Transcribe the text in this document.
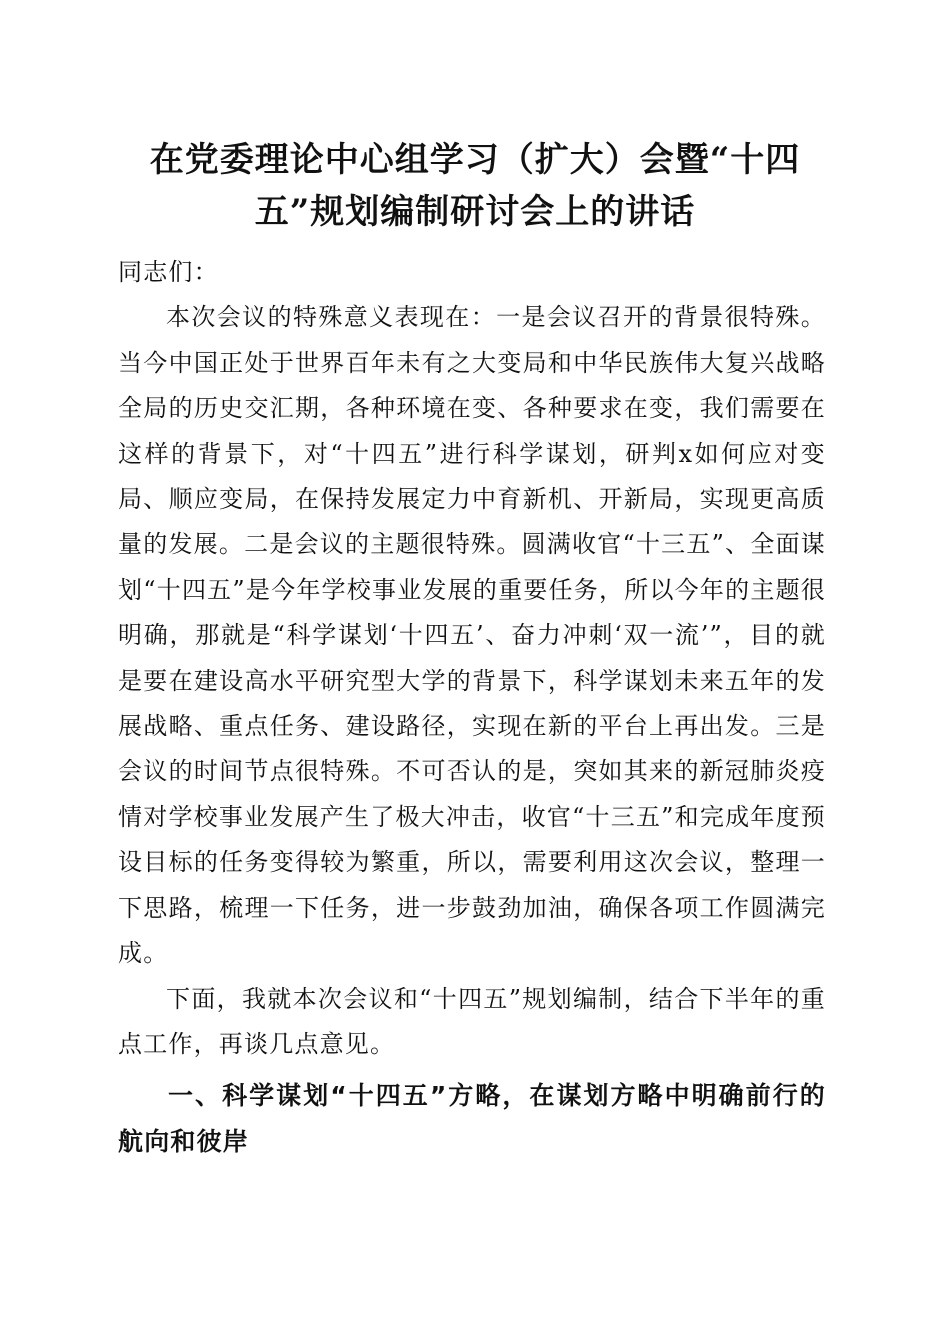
在党委理论中心组学习（扩大）会暨“十四
五”规划编制研讨会上的讲话

同志们：

本次会议的特殊意义表现在：一是会议召开的背景很特殊。当今中国正处于世界百年未有之大变局和中华民族伟大复兴战略全局的历史交汇期，各种环境在变、各种要求在变，我们需要在这样的背景下，对“十四五”进行科学谋划，研判x如何应对变局、顺应变局，在保持发展定力中育新机、开新局，实现更高质量的发展。二是会议的主题很特殊。圆满收官“十三五”、全面谋划“十四五”是今年学校事业发展的重要任务，所以今年的主题很明确，那就是“科学谋划‘十四五’、奋力冲刺‘双一流’”，目的就是要在建设高水平研究型大学的背景下，科学谋划未来五年的发展战略、重点任务、建设路径，实现在新的平台上再出发。三是会议的时间节点很特殊。不可否认的是，突如其来的新冠肺炎疫情对学校事业发展产生了极大冲击，收官“十三五”和完成年度预设目标的任务变得较为繁重，所以，需要利用这次会议，整理一下思路，梳理一下任务，进一步鼓劲加油，确保各项工作圆满完成。

下面，我就本次会议和“十四五”规划编制，结合下半年的重点工作，再谈几点意见。

一、科学谋划“十四五”方略，在谋划方略中明确前行的航向和彼岸
